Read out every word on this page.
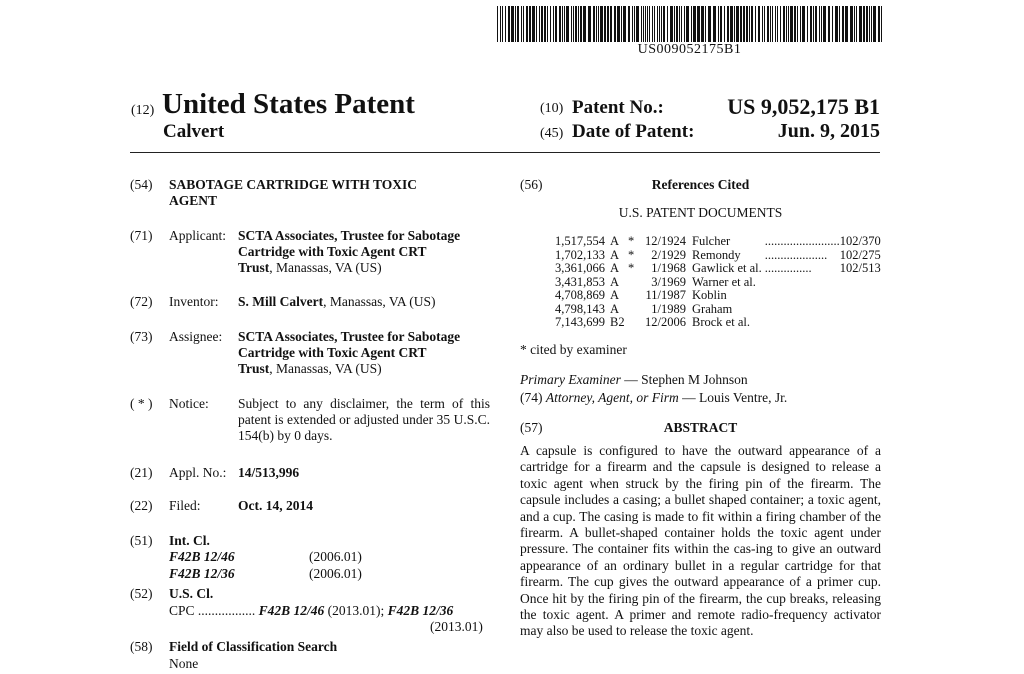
US009052175B1
(12) United States Patent
Calvert
(10) Patent No.:	US 9,052,175 B1
(45) Date of Patent:	Jun. 9, 2015
(54) SABOTAGE CARTRIDGE WITH TOXIC
AGENT
(71) Applicant: SCTA Associates, Trustee for Sabotage
Cartridge with Toxic Agent CRT
Trust, Manassas, VA (US)
(72) Inventor: S. Mill Calvert, Manassas, VA (US)
(73) Assignee: SCTA Associates, Trustee for Sabotage
Cartridge with Toxic Agent CRT
Trust, Manassas, VA (US)
( * ) Notice: Subject to any disclaimer, the term of this patent is extended or adjusted under 35 U.S.C. 154(b) by 0 days.
(21) Appl. No.: 14/513,996
(22) Filed:	Oct. 14, 2014
(51) Int. Cl.
F42B 12/46	(2006.01)
F42B 12/36	(2006.01)
(52) U.S. Cl.
CPC ................. F42B 12/46 (2013.01); F42B 12/36
(2013.01)
(58) Field of Classification Search
None
(56)	References Cited
U.S. PATENT DOCUMENTS
1,517,554	A	*	12/1924	Fulcher	........................	102/370
1,702,133	A	*	2/1929	Remondy	....................	102/275
3,361,066	A	*	1/1968	Gawlick et al.	...............	102/513
3,431,853	A		3/1969	Warner et al.		
4,708,869	A		11/1987	Koblin		
4,798,143	A		1/1989	Graham		
7,143,699	B2		12/2006	Brock et al.		
* cited by examiner
Primary Examiner — Stephen M Johnson
(74) Attorney, Agent, or Firm — Louis Ventre, Jr.
(57)	ABSTRACT
A capsule is configured to have the outward appearance of a cartridge for a firearm and the capsule is designed to release a toxic agent when struck by the firing pin of the firearm. The capsule includes a casing; a bullet shaped container; a toxic agent, and a cup. The casing is made to fit within a firing chamber of the firearm. A bullet-shaped container holds the toxic agent under pressure. The container fits within the cas-ing to give an outward appearance of an ordinary bullet in a regular cartridge for that firearm. The cup gives the outward appearance of a primer cup. Once hit by the firing pin of the firearm, the cup breaks, releasing the toxic agent. A primer and remote radio-frequency activator may also be used to release the toxic agent.
